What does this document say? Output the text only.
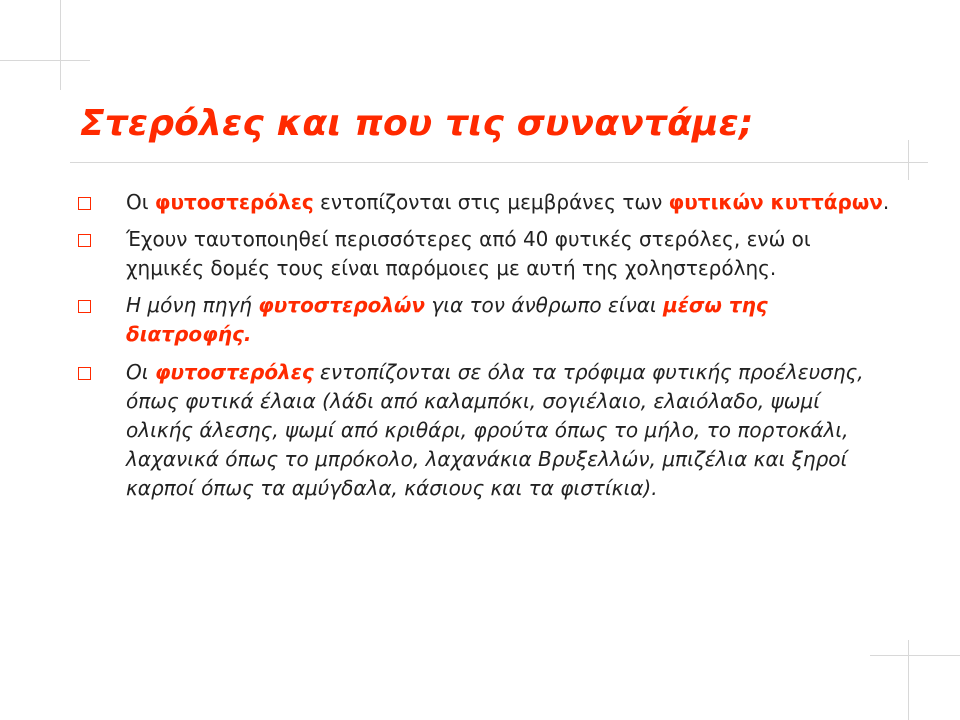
Στερόλες και που τις συναντάμε;
Οι φυτοστερόλες εντοπίζονται στις μεμβράνες των φυτικών κυττάρων.
Έχουν ταυτοποιηθεί περισσότερες από 40 φυτικές στερόλες, ενώ οι χημικές δομές τους είναι παρόμοιες με αυτή της χοληστερόλης.
Η μόνη πηγή φυτοστερολών για τον άνθρωπο είναι μέσω της διατροφής.
Οι φυτοστερόλες εντοπίζονται σε όλα τα τρόφιμα φυτικής προέλευσης, όπως φυτικά έλαια (λάδι από καλαμπόκι, σογιέλαιο, ελαιόλαδο, ψωμί ολικής άλεσης, ψωμί από κριθάρι, φρούτα όπως το μήλο, το πορτοκάλι, λαχανικά όπως το μπρόκολο, λαχανάκια Βρυξελλών, μπιζέλια και ξηροί καρποί όπως τα αμύγδαλα, κάσιους και τα φιστίκια).
